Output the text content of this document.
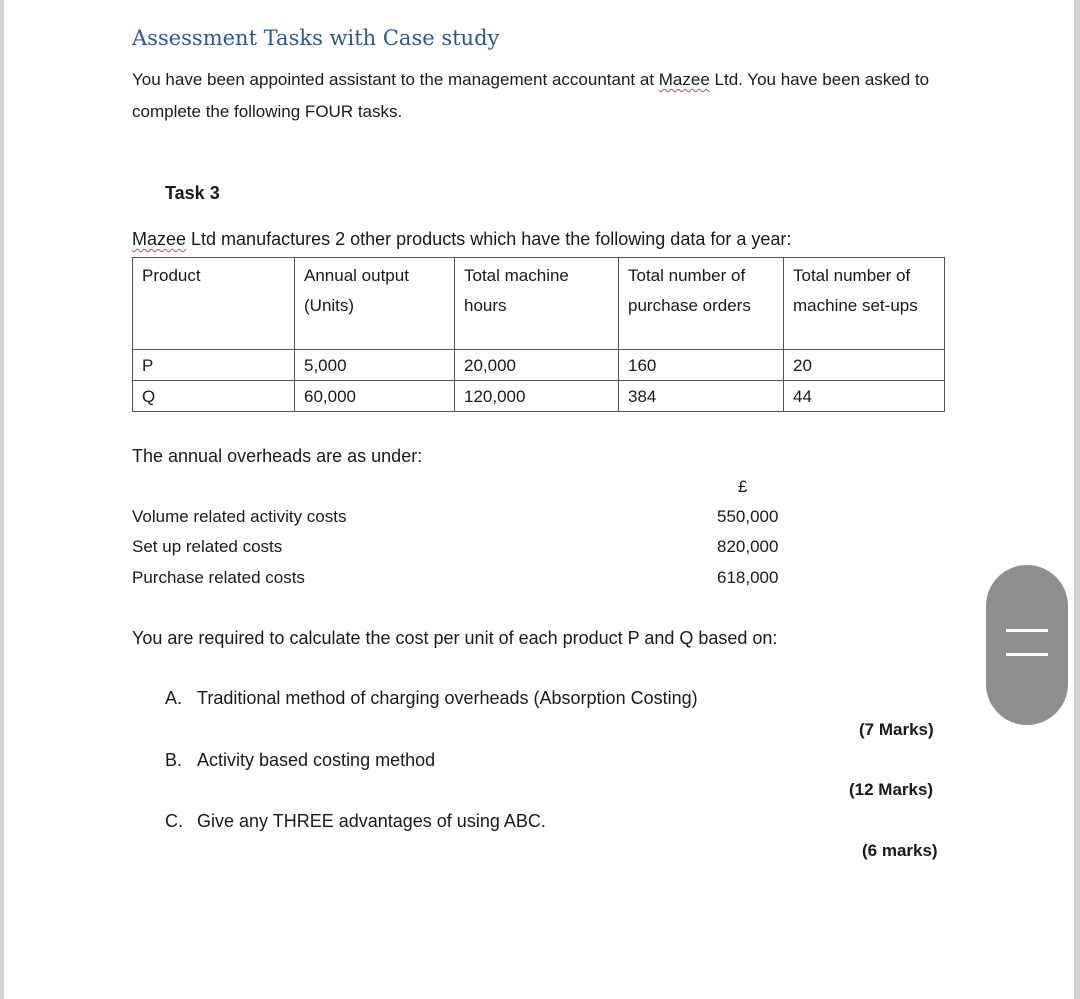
Assessment Tasks with Case study
You have been appointed assistant to the management accountant at Mazee Ltd. You have been asked to complete the following FOUR tasks.
Task 3
Mazee Ltd manufactures 2 other products which have the following data for a year:
Product	Annual output (Units)	Total machine hours	Total number of purchase orders	Total number of machine set-ups
P	5,000	20,000	160	20
Q	60,000	120,000	384	44
The annual overheads are as under:
£
Volume related activity costs	550,000
Set up related costs	820,000
Purchase related costs	618,000
You are required to calculate the cost per unit of each product P and Q based on:
A. Traditional method of charging overheads (Absorption Costing)
(7 Marks)
B. Activity based costing method
(12 Marks)
C. Give any THREE advantages of using ABC.
(6 marks)
